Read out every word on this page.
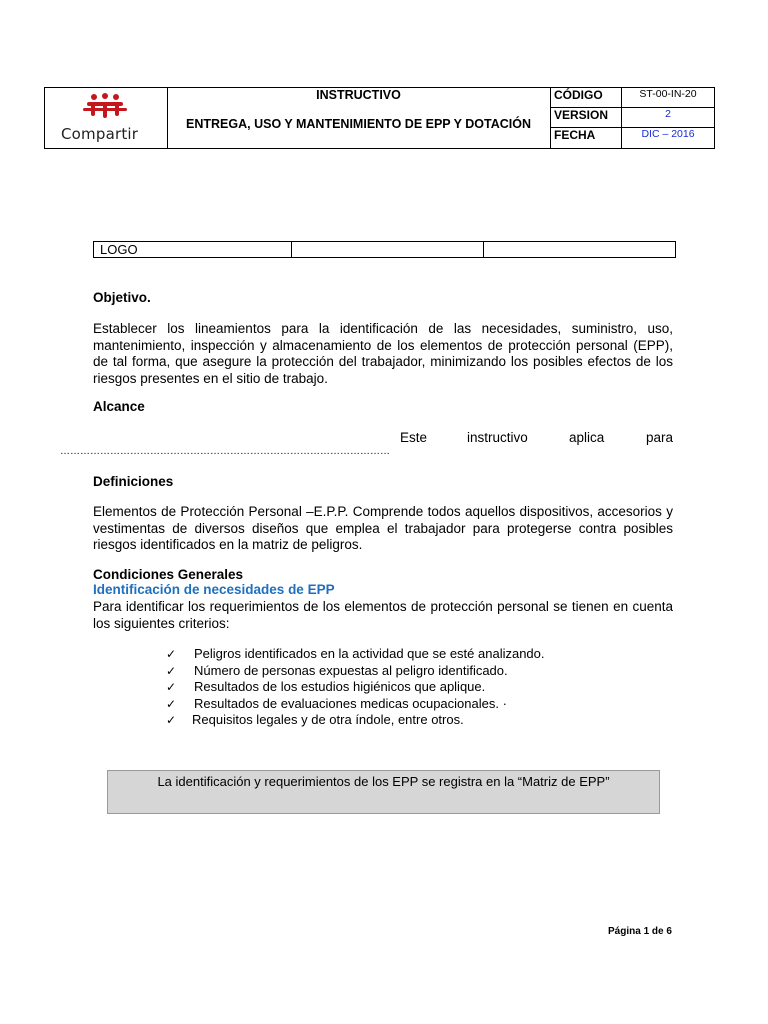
Compartir
INSTRUCTIVO
ENTREGA, USO Y MANTENIMIENTO DE EPP Y DOTACIÓN
CÓDIGO	ST-00-IN-20
VERSION	2
FECHA	DIC – 2016
LOGO
Objetivo.
Establecer los lineamientos para la identificación de las necesidades, suministro, uso, mantenimiento, inspección y almacenamiento de los elementos de protección personal (EPP), de tal forma, que asegure la protección del trabajador, minimizando los posibles efectos de los riesgos presentes en el sitio de trabajo.
Alcance
Este	instructivo	aplica	para
………………………………………………………………………………………
Definiciones
Elementos de Protección Personal –E.P.P. Comprende todos aquellos dispositivos, accesorios y vestimentas de diversos diseños que emplea el trabajador para protegerse contra posibles riesgos identificados en la matriz de peligros.
Condiciones Generales
Identificación de necesidades de EPP
Para identificar los requerimientos de los elementos de protección personal se tienen en cuenta los siguientes criterios:
✓ Peligros identificados en la actividad que se esté analizando.
✓ Número de personas expuestas al peligro identificado.
✓ Resultados de los estudios higiénicos que aplique.
✓ Resultados de evaluaciones medicas ocupacionales. ·
✓ Requisitos legales y de otra índole, entre otros.
La identificación y requerimientos de los EPP se registra en la “Matriz de EPP”
Página 1 de 6
